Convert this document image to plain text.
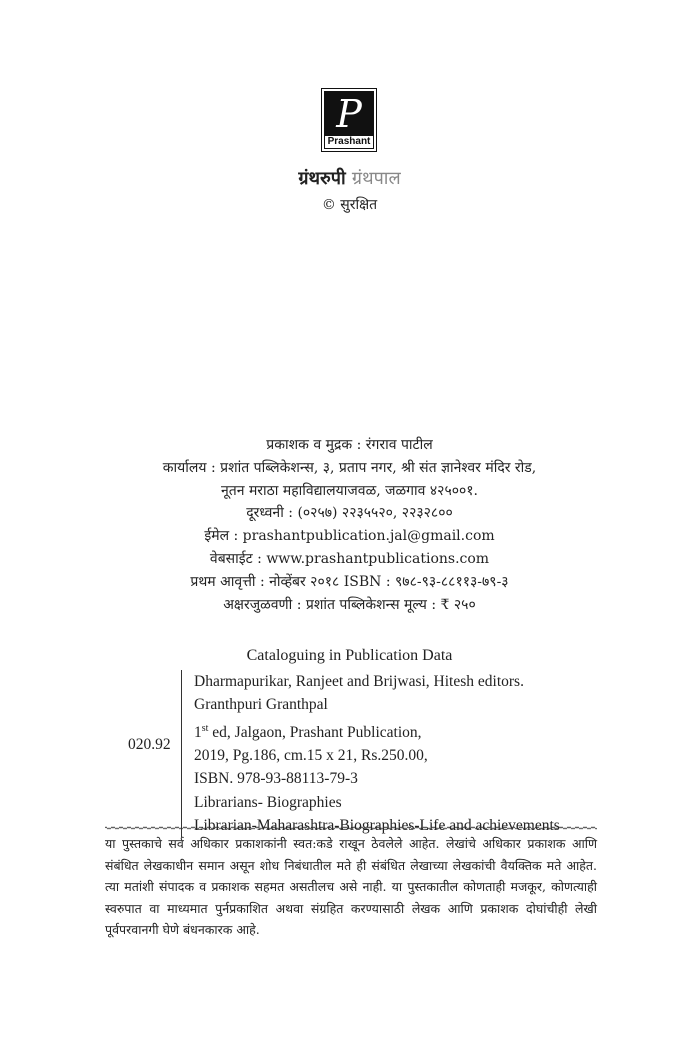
P
Prashant
ग्रंथरुपी ग्रंथपाल
© सुरक्षित
प्रकाशक व मुद्रक : रंगराव पाटील
कार्यालय : प्रशांत पब्लिकेशन्स, ३, प्रताप नगर, श्री संत ज्ञानेश्वर मंदिर रोड,
नूतन मराठा महाविद्यालयाजवळ, जळगाव ४२५००१.
दूरध्वनी : (०२५७) २२३५५२०, २२३२८००
ईमेल : prashantpublication.jal@gmail.com
वेबसाईट : www.prashantpublications.com
प्रथम आवृत्ती : नोव्हेंबर २०१८ ISBN : ९७८-९३-८८११३-७९-३
अक्षरजुळवणी : प्रशांत पब्लिकेशन्स मूल्य : ₹ २५०
Cataloguing in Publication Data
020.92
Dharmapurikar, Ranjeet and Brijwasi, Hitesh editors.
Granthpuri Granthpal
1st ed, Jalgaon, Prashant Publication,
2019, Pg.186, cm.15 x 21, Rs.250.00,
ISBN. 978-93-88113-79-3
Librarians- Biographies
Librarian-Maharashtra-Biographies-Life and achievements
या पुस्तकाचे सर्व अधिकार प्रकाशकांनी स्वत:कडे राखून ठेवलेले आहेत. लेखांचे अधिकार प्रकाशक आणि संबंधित लेखकाधीन समान असून शोध निबंधातील मते ही संबंधित लेखाच्या लेखकांची वैयक्तिक मते आहेत. त्या मतांशी संपादक व प्रकाशक सहमत असतीलच असे नाही. या पुस्तकातील कोणताही मजकूर, कोणत्याही स्वरुपात वा माध्यमात पुर्नप्रकाशित अथवा संग्रहित करण्यासाठी लेखक आणि प्रकाशक दोघांचीही लेखी पूर्वपरवानगी घेणे बंधनकारक आहे.
